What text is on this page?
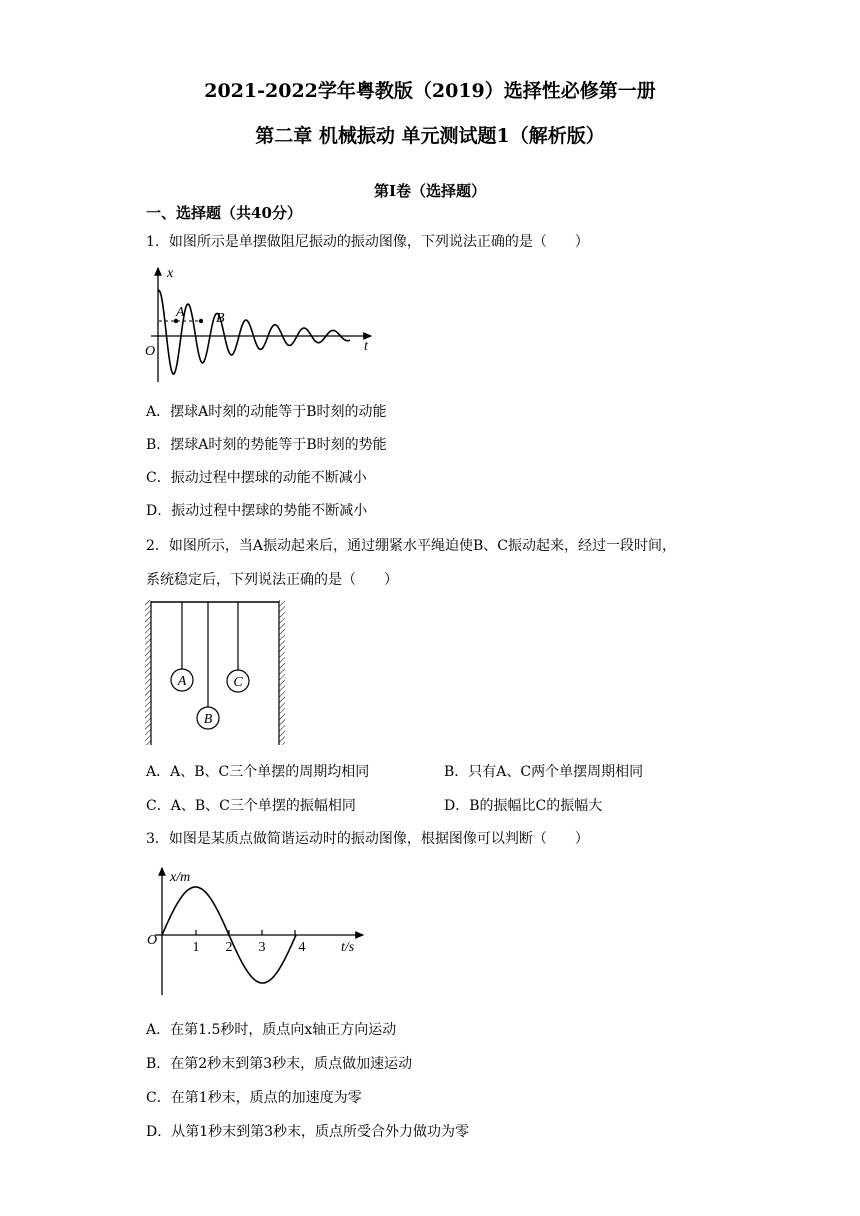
2021-2022学年粤教版（2019）选择性必修第一册
第二章 机械振动 单元测试题1（解析版）
第I卷（选择题）
一、选择题（共40分）
1．如图所示是单摆做阻尼振动的振动图像，下列说法正确的是（　　）
x
t
O
A B
A．摆球A时刻的动能等于B时刻的动能
B．摆球A时刻的势能等于B时刻的势能
C．振动过程中摆球的动能不断减小
D．振动过程中摆球的势能不断减小
2．如图所示，当A振动起来后，通过绷紧水平绳迫使B、C振动起来，经过一段时间，
系统稳定后，下列说法正确的是（　　）
A
B
C
A．A、B、C三个单摆的周期均相同	B．只有A、C两个单摆周期相同
C．A、B、C三个单摆的振幅相同	D．B的振幅比C的振幅大
3．如图是某质点做简谐运动时的振动图像，根据图像可以判断（　　）
x/m
t/s
O	1 2 3 4
A．在第1.5秒时，质点向x轴正方向运动
B．在第2秒末到第3秒末，质点做加速运动
C．在第1秒末，质点的加速度为零
D．从第1秒末到第3秒末，质点所受合外力做功为零
